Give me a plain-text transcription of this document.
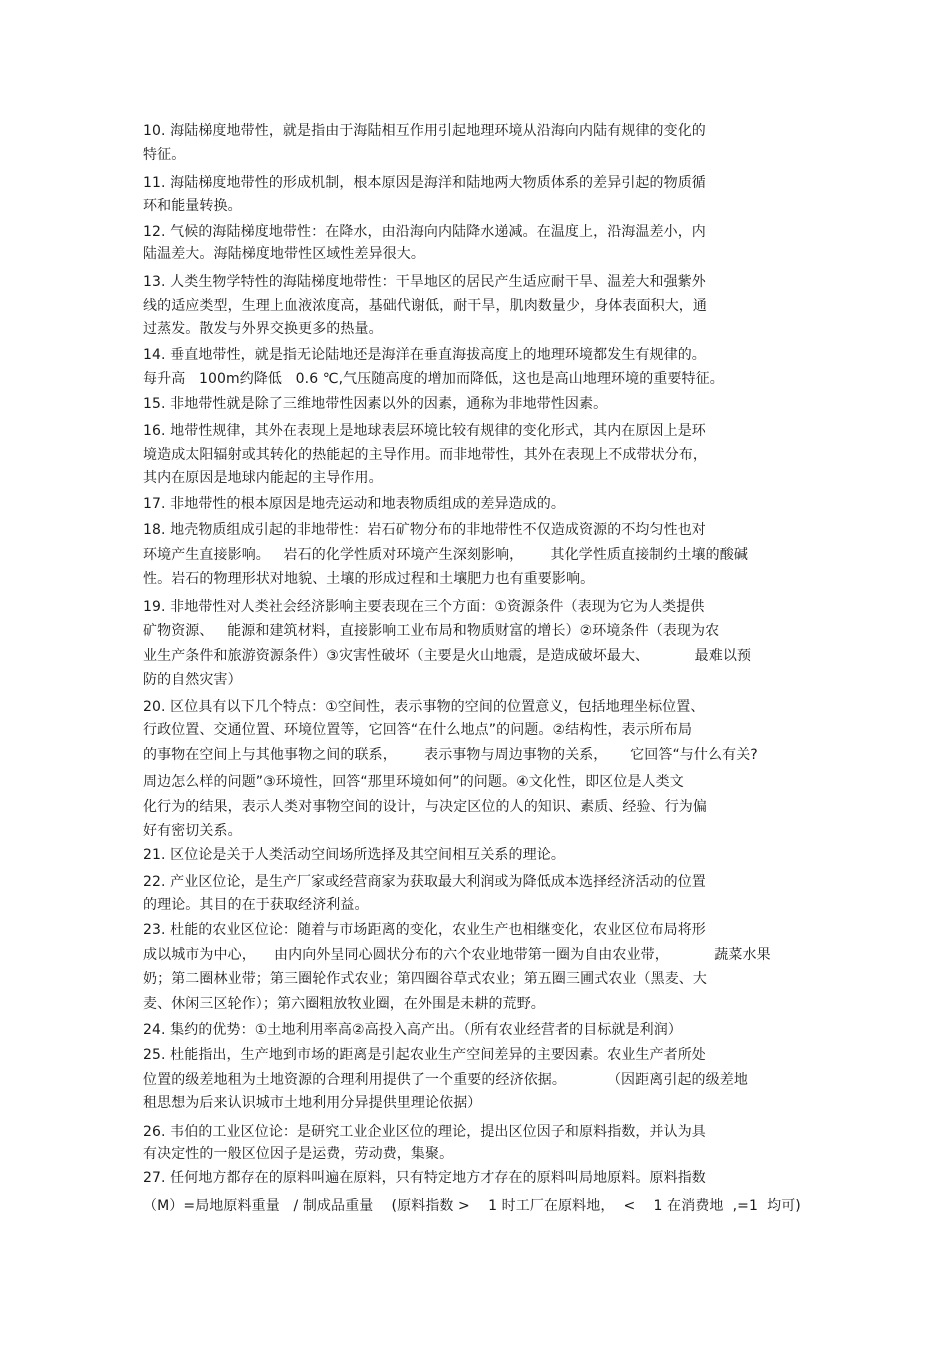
10. 海陆梯度地带性，就是指由于海陆相互作用引起地理环境从沿海向内陆有规律的变化的
特征。
11. 海陆梯度地带性的形成机制，根本原因是海洋和陆地两大物质体系的差异引起的物质循
环和能量转换。
12. 气候的海陆梯度地带性：在降水，由沿海向内陆降水递减。在温度上，沿海温差小，内
陆温差大。海陆梯度地带性区域性差异很大。
13. 人类生物学特性的海陆梯度地带性：干旱地区的居民产生适应耐干旱、温差大和强紫外
线的适应类型，生理上血液浓度高，基础代谢低，耐干旱，肌肉数量少，身体表面积大，通
过蒸发。散发与外界交换更多的热量。
14. 垂直地带性，就是指无论陆地还是海洋在垂直海拔高度上的地理环境都发生有规律的。
每升高   100m约降低   0.6 ℃,气压随高度的增加而降低，这也是高山地理环境的重要特征。
15. 非地带性就是除了三维地带性因素以外的因素，通称为非地带性因素。
16. 地带性规律，其外在表现上是地球表层环境比较有规律的变化形式，其内在原因上是环
境造成太阳辐射或其转化的热能起的主导作用。而非地带性，其外在表现上不成带状分布，
其内在原因是地球内能起的主导作用。
17. 非地带性的根本原因是地壳运动和地表物质组成的差异造成的。
18. 地壳物质组成引起的非地带性：岩石矿物分布的非地带性不仅造成资源的不均匀性也对
环境产生直接影响。   岩石的化学性质对环境产生深刻影响，      其化学性质直接制约土壤的酸碱
性。岩石的物理形状对地貌、土壤的形成过程和土壤肥力也有重要影响。
19. 非地带性对人类社会经济影响主要表现在三个方面：①资源条件（表现为它为人类提供
矿物资源、   能源和建筑材料，直接影响工业布局和物质财富的增长）②环境条件（表现为农
业生产条件和旅游资源条件）③灾害性破坏（主要是火山地震，是造成破坏最大、          最难以预
防的自然灾害）
20. 区位具有以下几个特点：①空间性，表示事物的空间的位置意义，包括地理坐标位置、
行政位置、交通位置、环境位置等，它回答“在什么地点”的问题。②结构性，表示所布局
的事物在空间上与其他事物之间的联系，      表示事物与周边事物的关系，     它回答“与什么有关?
周边怎么样的问题”③环境性，回答“那里环境如何”的问题。④文化性，即区位是人类文
化行为的结果，表示人类对事物空间的设计，与决定区位的人的知识、素质、经验、行为偏
好有密切关系。
21. 区位论是关于人类活动空间场所选择及其空间相互关系的理论。
22. 产业区位论，是生产厂家或经营商家为获取最大利润或为降低成本选择经济活动的位置
的理论。其目的在于获取经济利益。
23. 杜能的农业区位论：随着与市场距离的变化，农业生产也相继变化，农业区位布局将形
成以城市为中心，    由内向外呈同心圆状分布的六个农业地带第一圈为自由农业带，          蔬菜水果
奶；第二圈林业带；第三圈轮作式农业；第四圈谷草式农业；第五圈三圃式农业（黑麦、大
麦、休闲三区轮作）；第六圈粗放牧业圈，在外围是未耕的荒野。
24. 集约的优势：①土地利用率高②高投入高产出。（所有农业经营者的目标就是利润）
25. 杜能指出，生产地到市场的距离是引起农业生产空间差异的主要因素。农业生产者所处
位置的级差地租为土地资源的合理利用提供了一个重要的经济依据。         （因距离引起的级差地
租思想为后来认识城市土地利用分异提供里理论依据）
26. 韦伯的工业区位论：是研究工业企业区位的理论，提出区位因子和原料指数，并认为具
有决定性的一般区位因子是运费，劳动费，集聚。
27. 任何地方都存在的原料叫遍在原料，只有特定地方才存在的原料叫局地原料。原料指数
（M）=局地原料重量   / 制成品重量    (原料指数 >    1 时工厂在原料地，  <    1 在消费地  ,=1  均可)
